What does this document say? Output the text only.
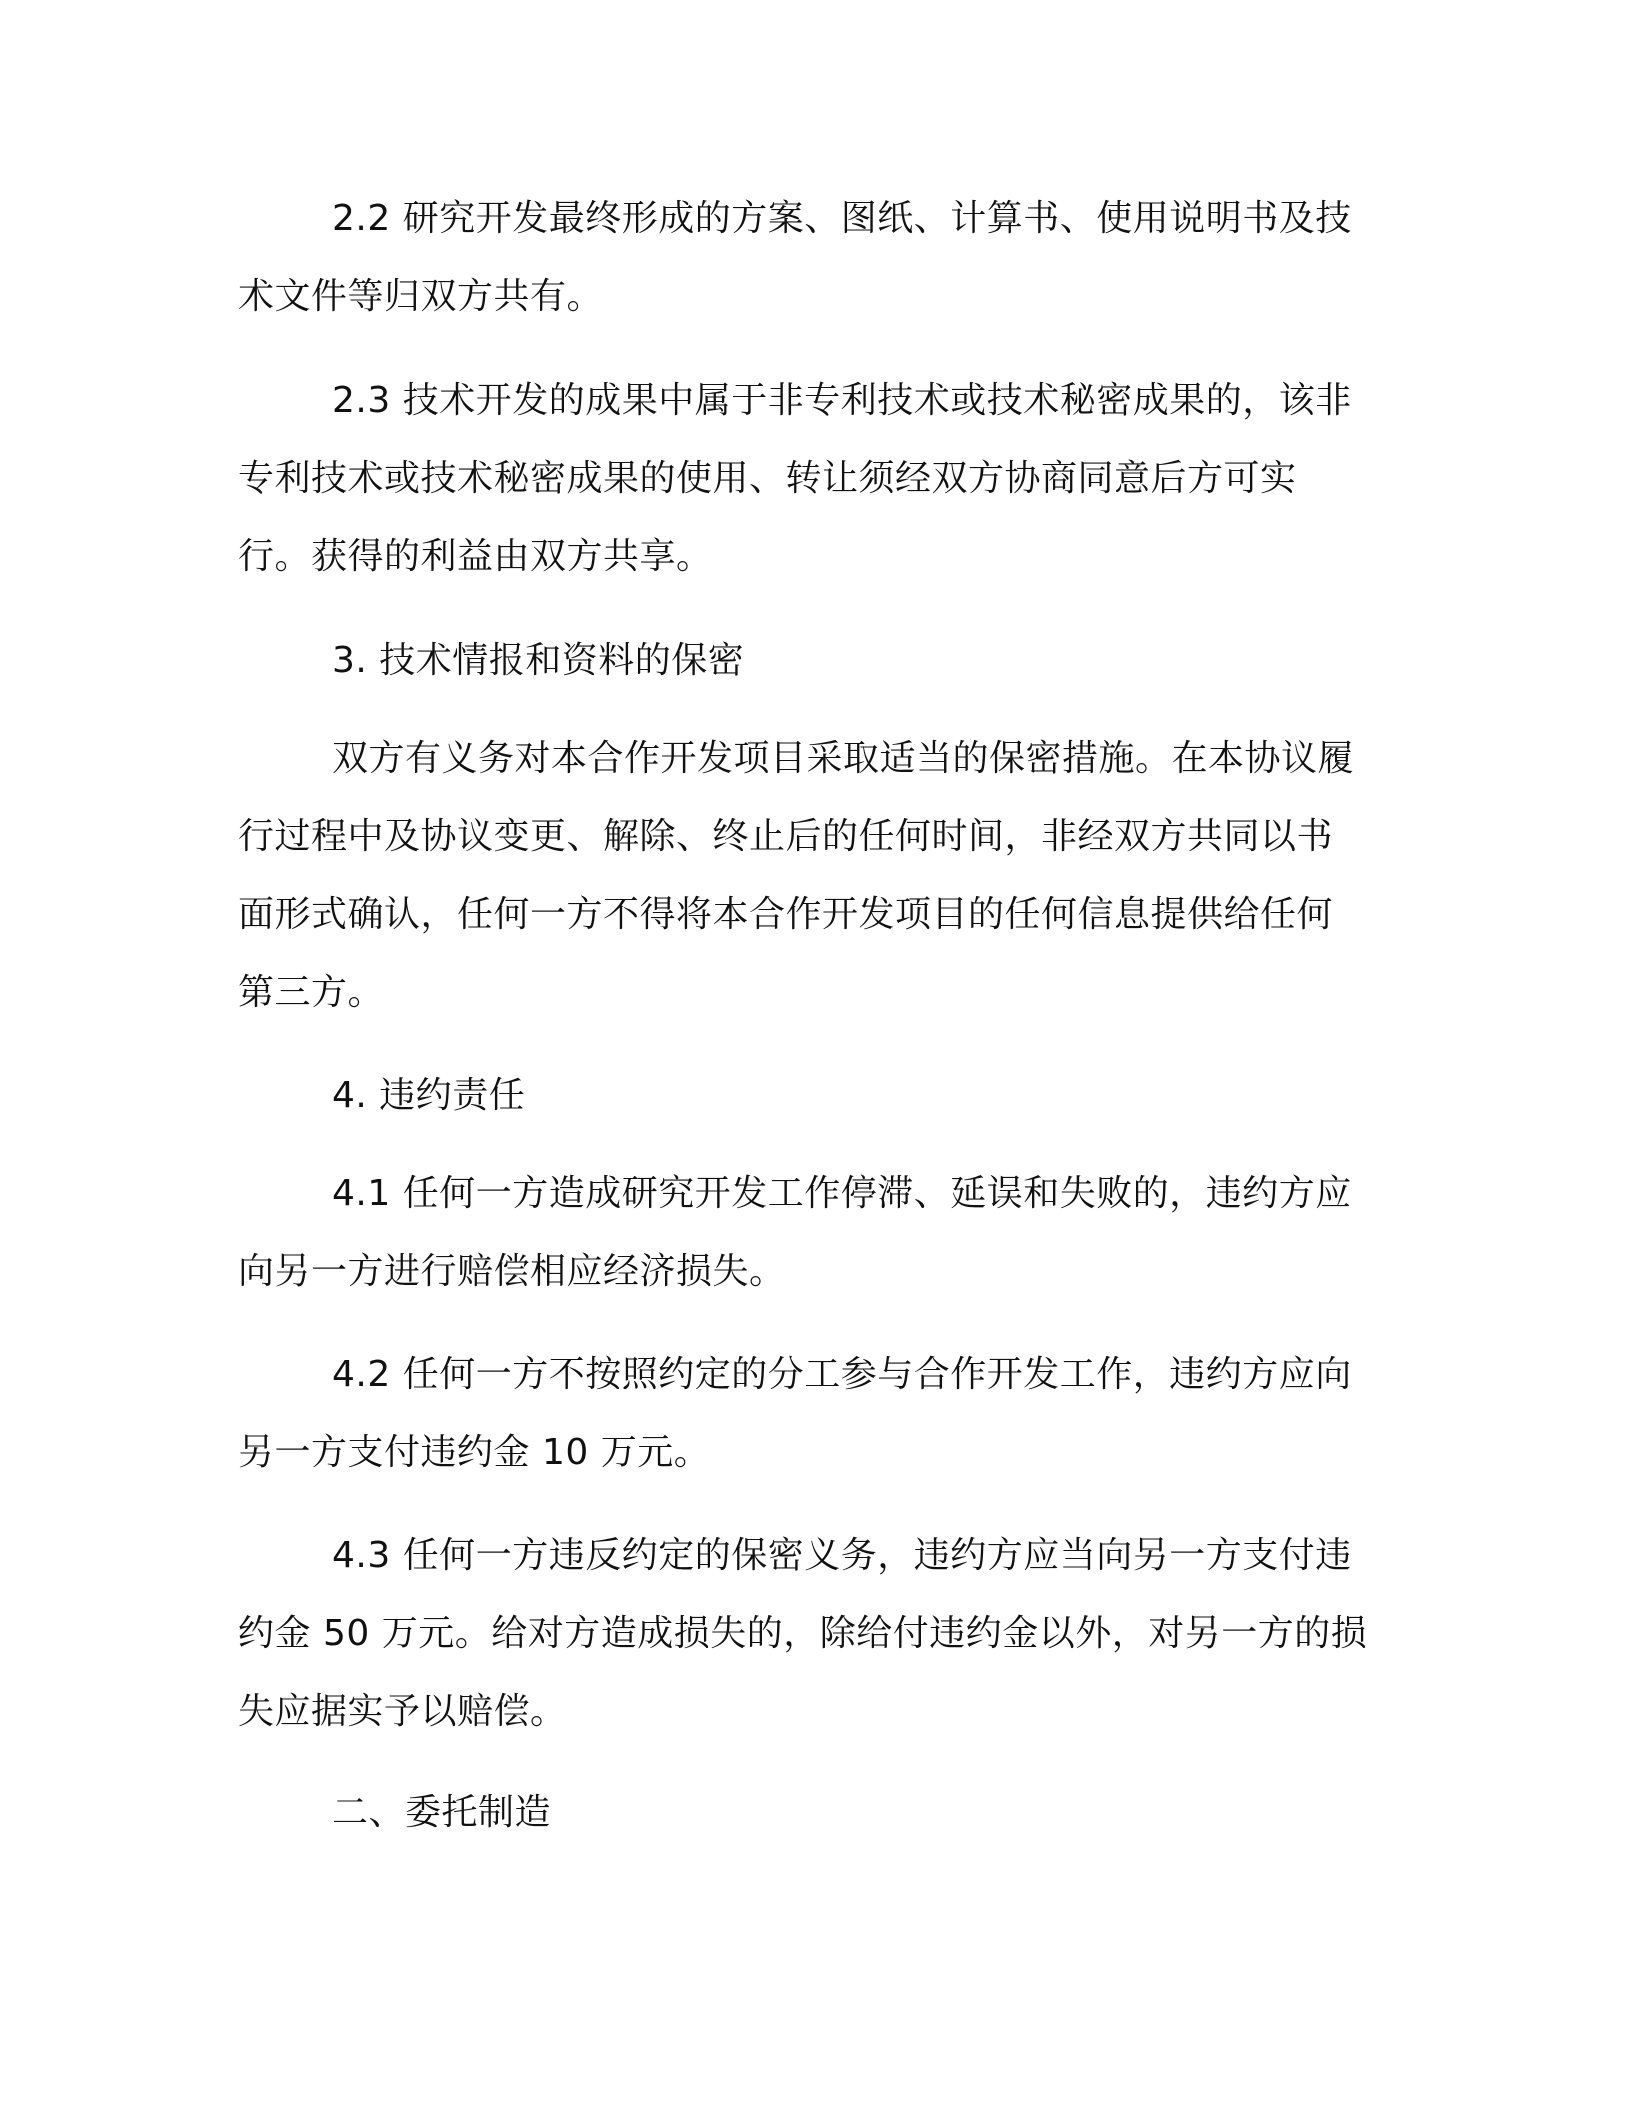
2.2 研究开发最终形成的方案、图纸、计算书、使用说明书及技术文件等归双方共有。

2.3 技术开发的成果中属于非专利技术或技术秘密成果的，该非专利技术或技术秘密成果的使用、转让须经双方协商同意后方可实行。获得的利益由双方共享。

3. 技术情报和资料的保密

双方有义务对本合作开发项目采取适当的保密措施。在本协议履行过程中及协议变更、解除、终止后的任何时间，非经双方共同以书面形式确认，任何一方不得将本合作开发项目的任何信息提供给任何第三方。

4. 违约责任

4.1 任何一方造成研究开发工作停滞、延误和失败的，违约方应向另一方进行赔偿相应经济损失。

4.2 任何一方不按照约定的分工参与合作开发工作，违约方应向另一方支付违约金 10 万元。

4.3 任何一方违反约定的保密义务，违约方应当向另一方支付违约金 50 万元。给对方造成损失的，除给付违约金以外，对另一方的损失应据实予以赔偿。

二、委托制造
